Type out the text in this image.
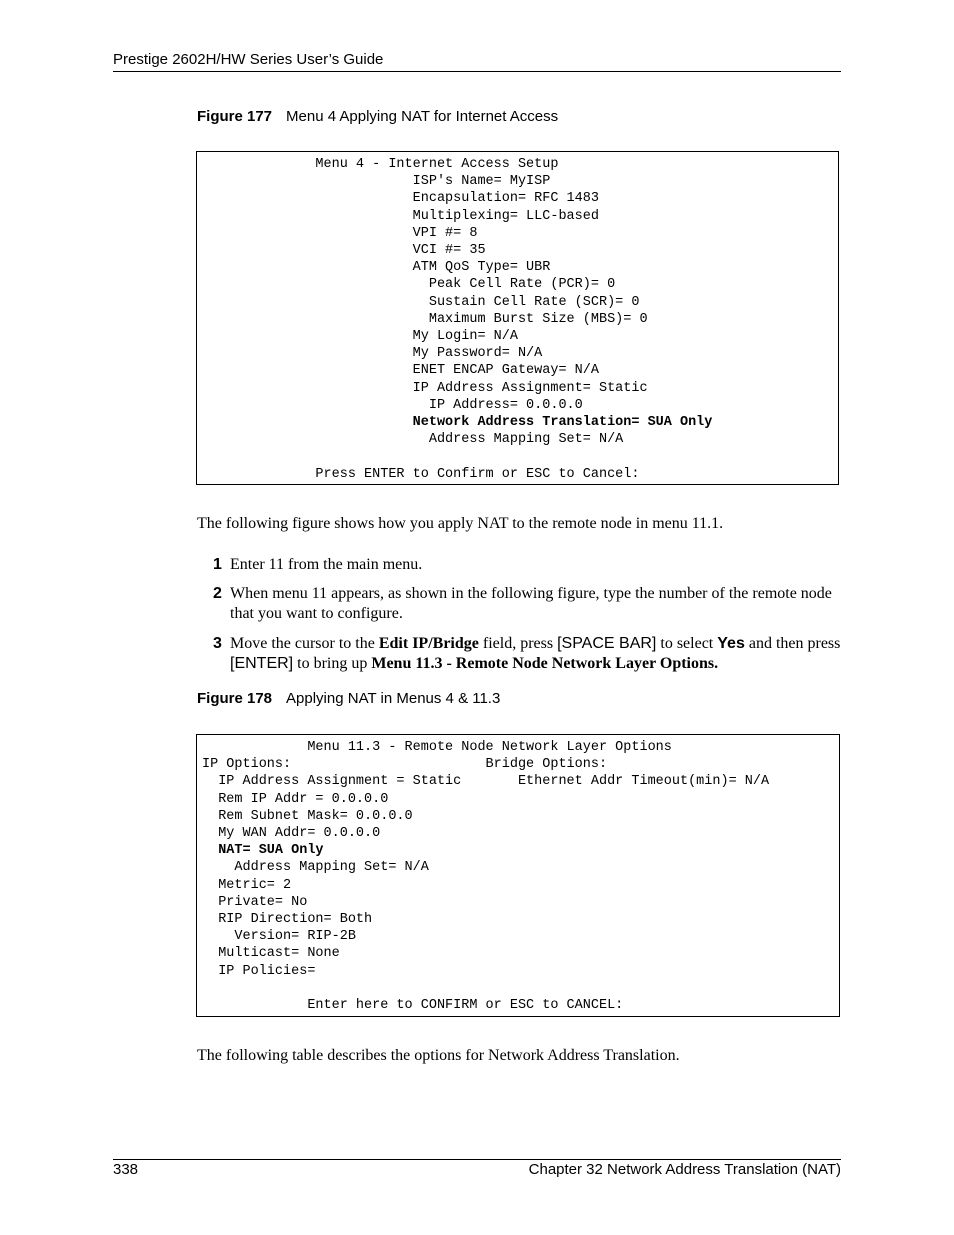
Prestige 2602H/HW Series User’s Guide
Figure 177 Menu 4 Applying NAT for Internet Access
Menu 4 - Internet Access Setup
ISP's Name= MyISP
Encapsulation= RFC 1483
Multiplexing= LLC-based
VPI #= 8
VCI #= 35
ATM QoS Type= UBR
Peak Cell Rate (PCR)= 0
Sustain Cell Rate (SCR)= 0
Maximum Burst Size (MBS)= 0
My Login= N/A
My Password= N/A
ENET ENCAP Gateway= N/A
IP Address Assignment= Static
IP Address= 0.0.0.0
Network Address Translation= SUA Only
Address Mapping Set= N/A

Press ENTER to Confirm or ESC to Cancel:
The following figure shows how you apply NAT to the remote node in menu 11.1.
1 Enter 11 from the main menu.
2 When menu 11 appears, as shown in the following figure, type the number of the remote node that you want to configure.
3 Move the cursor to the Edit IP/Bridge field, press [SPACE BAR] to select Yes and then press [ENTER] to bring up Menu 11.3 - Remote Node Network Layer Options.
Figure 178 Applying NAT in Menus 4 & 11.3
Menu 11.3 - Remote Node Network Layer Options
IP Options:                        Bridge Options:
IP Address Assignment = Static       Ethernet Addr Timeout(min)= N/A
Rem IP Addr = 0.0.0.0
Rem Subnet Mask= 0.0.0.0
My WAN Addr= 0.0.0.0
NAT= SUA Only
Address Mapping Set= N/A
Metric= 2
Private= No
RIP Direction= Both
Version= RIP-2B
Multicast= None
IP Policies=

Enter here to CONFIRM or ESC to CANCEL:
The following table describes the options for Network Address Translation.
338	Chapter 32 Network Address Translation (NAT)
